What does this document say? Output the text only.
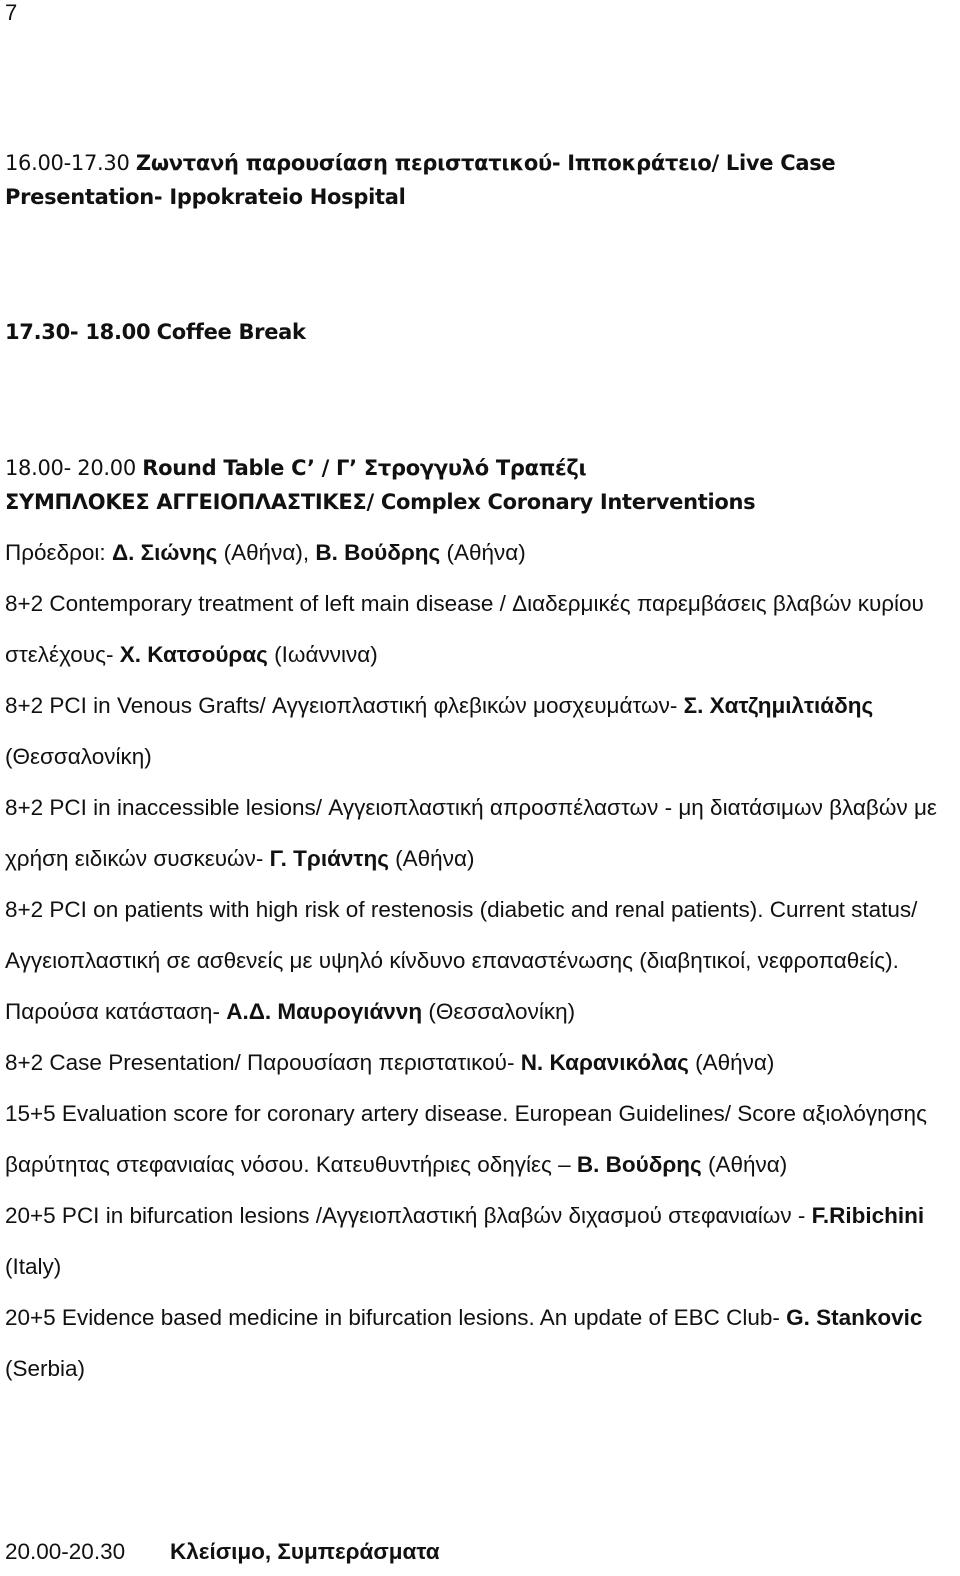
7
16.00-17.30 Ζωντανή παρουσίαση περιστατικού- Ιπποκράτειο/ Live Case
Presentation- Ippokrateio Hospital
17.30- 18.00 Coffee Break
18.00- 20.00 Round Table C’ / Γ’ Στρογγυλό Τραπέζι
ΣΥΜΠΛΟΚΕΣ ΑΓΓΕΙΟΠΛΑΣΤΙΚΕΣ/ Complex Coronary Interventions
Πρόεδροι: Δ. Σιώνης (Αθήνα), Β. Βούδρης (Αθήνα)
8+2 Contemporary treatment of left main disease / Διαδερμικές παρεμβάσεις βλαβών κυρίου στελέχους- Χ. Κατσούρας (Ιωάννινα)
8+2 PCI in Venous Grafts/ Αγγειοπλαστική φλεβικών μοσχευμάτων- Σ. Χατζημιλτιάδης (Θεσσαλονίκη)
8+2 PCI in inaccessible lesions/ Αγγειοπλαστική απροσπέλαστων - μη διατάσιμων βλαβών με χρήση ειδικών συσκευών- Γ. Τριάντης (Αθήνα)
8+2 PCI on patients with high risk of restenosis (diabetic and renal patients). Current status/ Αγγειοπλαστική σε ασθενείς με υψηλό κίνδυνο επαναστένωσης (διαβητικοί, νεφροπαθείς). Παρούσα κατάσταση- Α.Δ. Μαυρογιάννη (Θεσσαλονίκη)
8+2 Case Presentation/ Παρουσίαση περιστατικού- Ν. Καρανικόλας (Αθήνα)
15+5 Evaluation score for coronary artery disease. European Guidelines/ Score αξιολόγησης βαρύτητας στεφανιαίας νόσου. Κατευθυντήριες οδηγίες – Β. Βούδρης (Αθήνα)
20+5 PCI in bifurcation lesions /Αγγειοπλαστική βλαβών διχασμού στεφανιαίων - F.Ribichini (Italy)
20+5 Evidence based medicine in bifurcation lesions. An update of EBC Club- G. Stankovic (Serbia)
20.00-20.30 Κλείσιμο, Συμπεράσματα
